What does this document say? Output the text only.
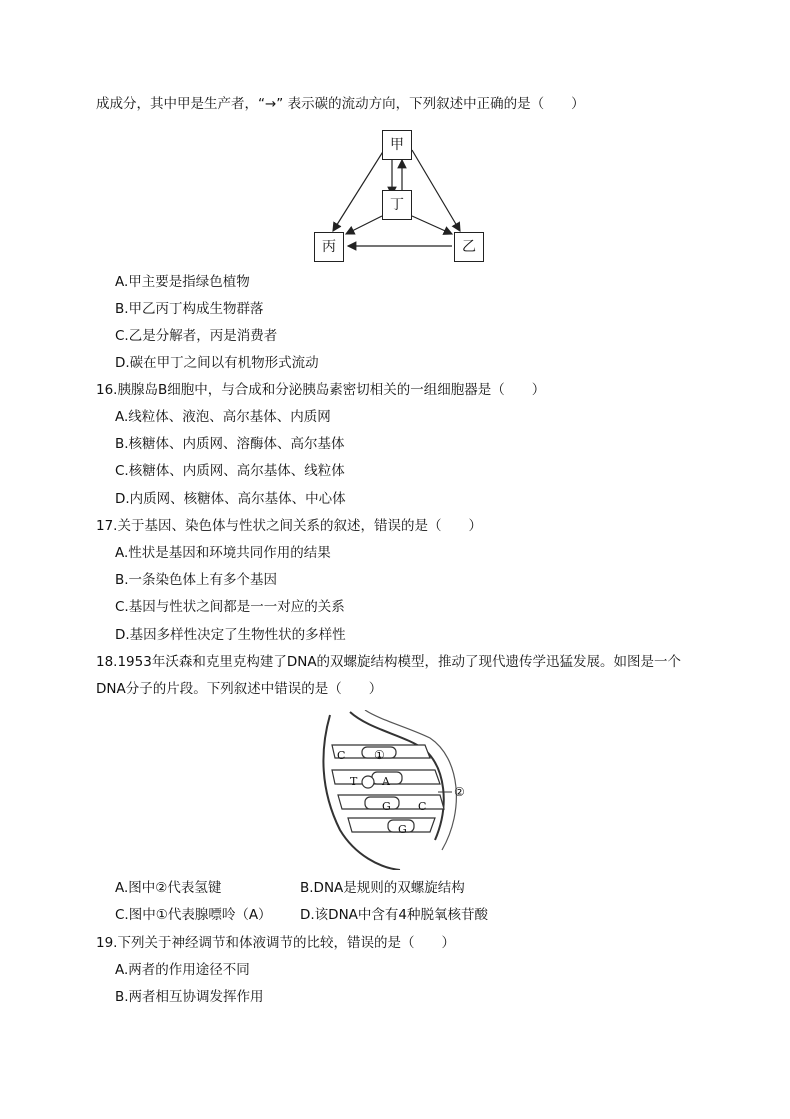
成成分，其中甲是生产者，“→” 表示碳的流动方向，下列叙述中正确的是（　　）
甲
丁
丙	乙
A.甲主要是指绿色植物
B.甲乙丙丁构成生物群落
C.乙是分解者，丙是消费者
D.碳在甲丁之间以有机物形式流动
16.胰腺岛B细胞中，与合成和分泌胰岛素密切相关的一组细胞器是（　　）
A.线粒体、液泡、高尔基体、内质网
B.核糖体、内质网、溶酶体、高尔基体
C.核糖体、内质网、高尔基体、线粒体
D.内质网、核糖体、高尔基体、中心体
17.关于基因、染色体与性状之间关系的叙述，错误的是（　　）
A.性状是基因和环境共同作用的结果
B.一条染色体上有多个基因
C.基因与性状之间都是一一对应的关系
D.基因多样性决定了生物性状的多样性
18.1953年沃森和克里克构建了DNA的双螺旋结构模型，推动了现代遗传学迅猛发展。如图是一个
DNA分子的片段。下列叙述中错误的是（　　）
C ①
T A
②
G C
G
A.图中②代表氢键	B.DNA是规则的双螺旋结构
C.图中①代表腺嘌呤（A） D.该DNA中含有4种脱氧核苷酸
19.下列关于神经调节和体液调节的比较，错误的是（　　）
A.两者的作用途径不同
B.两者相互协调发挥作用
